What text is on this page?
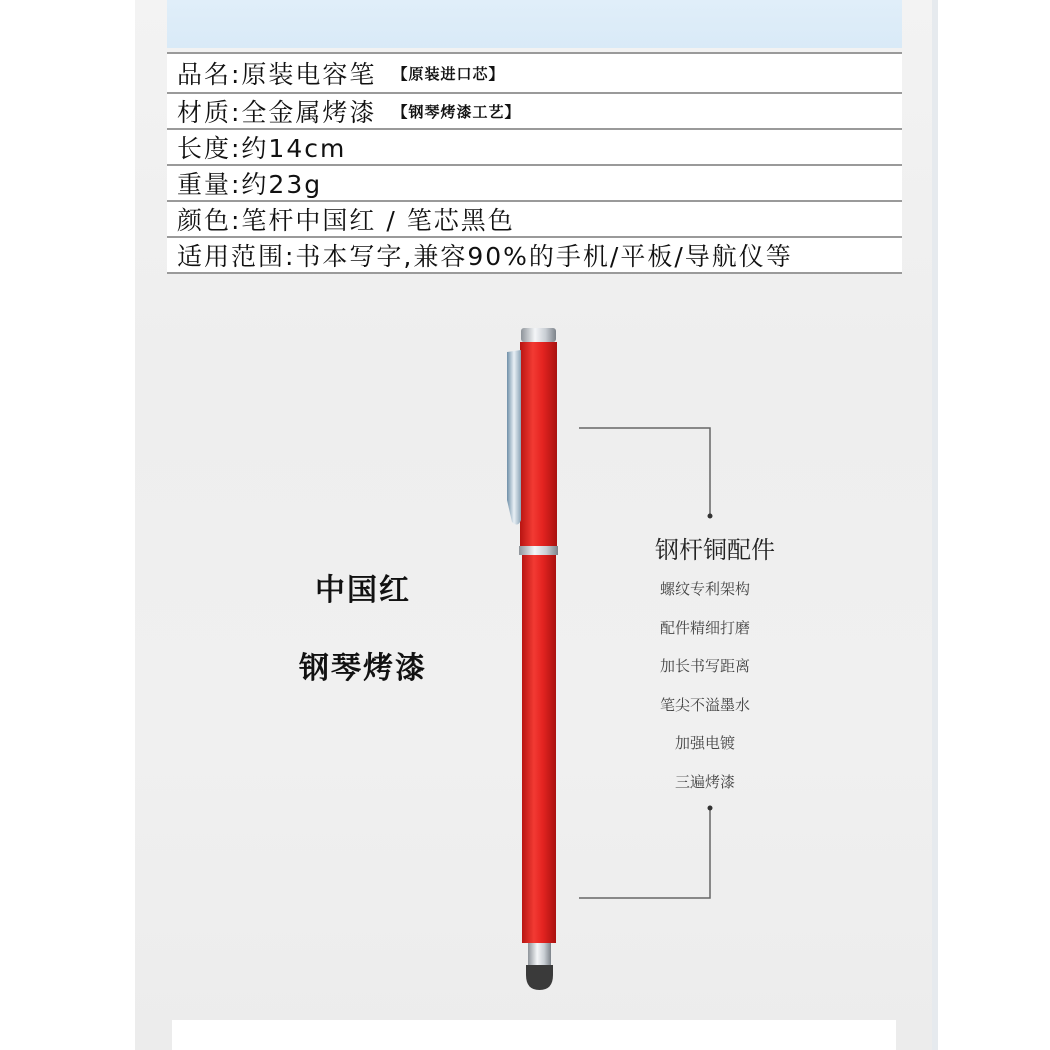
品名:原装电容笔 【原装进口芯】
材质:全金属烤漆 【钢琴烤漆工艺】
长度:约14cm
重量:约23g
颜色:笔杆中国红 / 笔芯黑色
适用范围:书本写字,兼容90%的手机/平板/导航仪等
中国红
钢琴烤漆
钢杆铜配件
螺纹专利架构
配件精细打磨
加长书写距离
笔尖不溢墨水
加强电镀
三遍烤漆
